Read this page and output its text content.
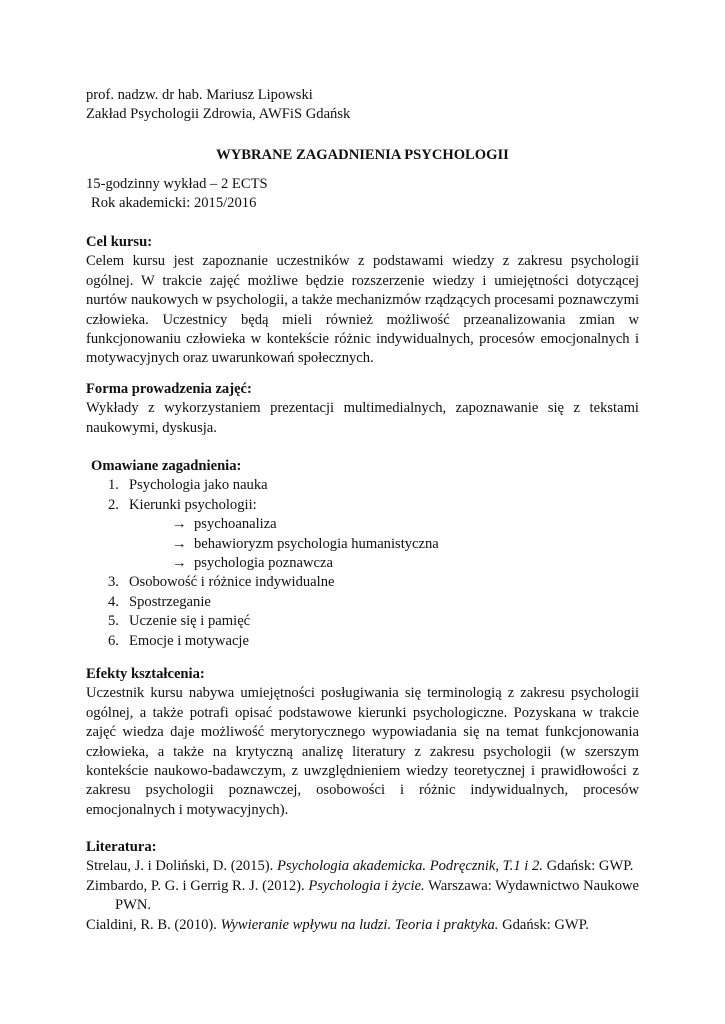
prof. nadzw. dr hab. Mariusz Lipowski

Zakład Psychologii Zdrowia, AWFiS Gdańsk

WYBRANE ZAGADNIENIA PSYCHOLOGII

15-godzinny wykład – 2 ECTS

Rok akademicki: 2015/2016

Cel kursu:

Celem kursu jest zapoznanie uczestników z podstawami wiedzy z zakresu psychologii ogólnej. W trakcie zajęć możliwe będzie rozszerzenie wiedzy i umiejętności dotyczącej nurtów naukowych w psychologii, a także mechanizmów rządzących procesami poznawczymi człowieka. Uczestnicy będą mieli również możliwość przeanalizowania zmian w funkcjonowaniu człowieka w kontekście różnic indywidualnych, procesów emocjonalnych i motywacyjnych oraz uwarunkowań społecznych.

Forma prowadzenia zajęć:

Wykłady z wykorzystaniem prezentacji multimedialnych, zapoznawanie się z tekstami naukowymi, dyskusja.

Omawiane zagadnienia:

1. Psychologia jako nauka
2. Kierunki psychologii:
→ psychoanaliza
→ behawioryzm psychologia humanistyczna
→ psychologia poznawcza
3. Osobowość i różnice indywidualne
4. Spostrzeganie
5. Uczenie się i pamięć
6. Emocje i motywacje

Efekty kształcenia:

Uczestnik kursu nabywa umiejętności posługiwania się terminologią z zakresu psychologii ogólnej, a także potrafi opisać podstawowe kierunki psychologiczne. Pozyskana w trakcie zajęć wiedza daje możliwość merytorycznego wypowiadania się na temat funkcjonowania człowieka, a także na krytyczną analizę literatury z zakresu psychologii (w szerszym kontekście naukowo-badawczym, z uwzględnieniem wiedzy teoretycznej i prawidłowości z zakresu psychologii poznawczej, osobowości i różnic indywidualnych, procesów emocjonalnych i motywacyjnych).

Literatura:

Strelau, J. i Doliński, D. (2015). Psychologia akademicka. Podręcznik, T.1 i 2. Gdańsk: GWP.

Zimbardo, P. G. i Gerrig R. J. (2012). Psychologia i życie. Warszawa: Wydawnictwo Naukowe PWN.

Cialdini, R. B. (2010). Wywieranie wpływu na ludzi. Teoria i praktyka. Gdańsk: GWP.
